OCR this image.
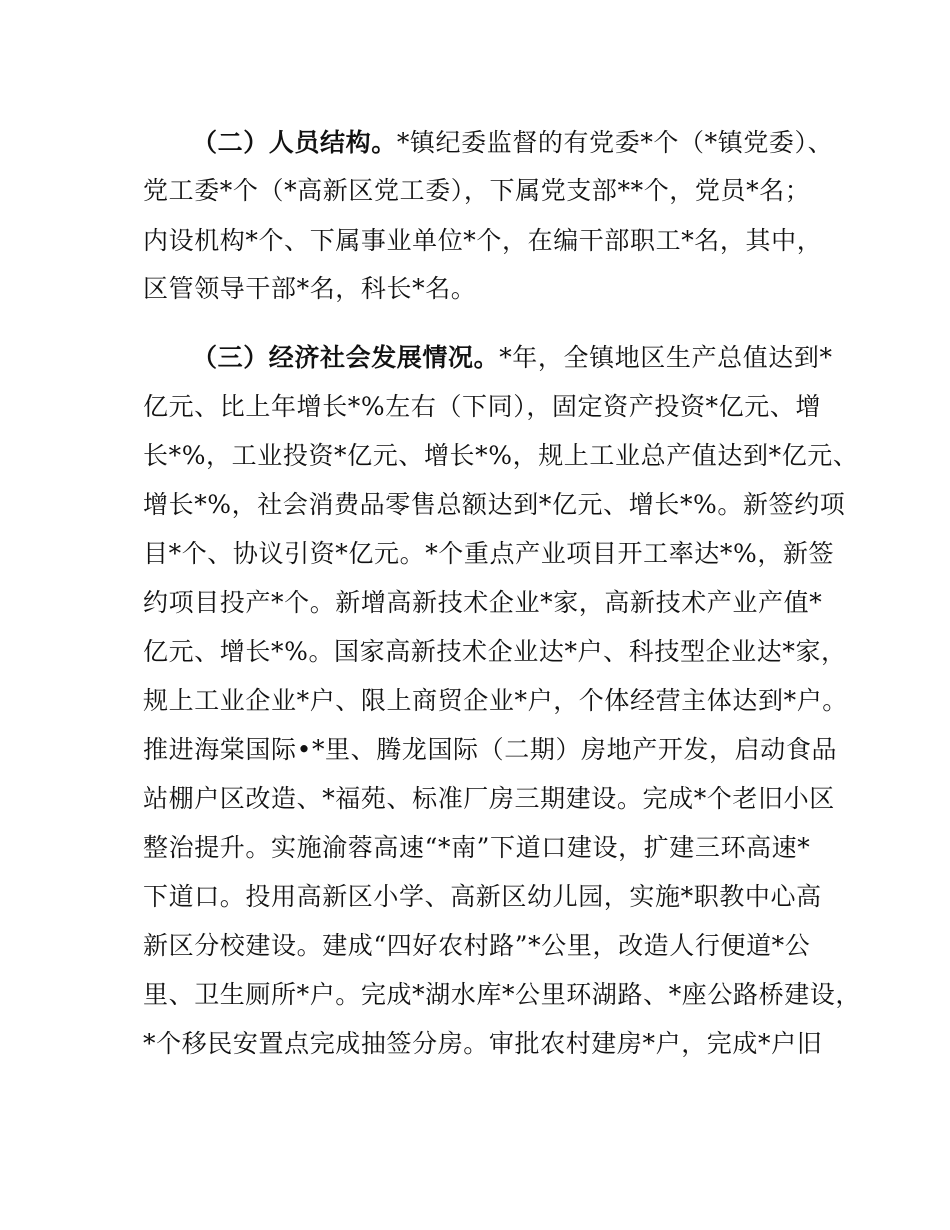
（二）人员结构。*镇纪委监督的有党委*个（*镇党委）、
党工委*个（*高新区党工委），下属党支部**个，党员*名；
内设机构*个、下属事业单位*个，在编干部职工*名，其中，
区管领导干部*名，科长*名。
（三）经济社会发展情况。*年，全镇地区生产总值达到*
亿元、比上年增长*%左右（下同），固定资产投资*亿元、增
长*%，工业投资*亿元、增长*%，规上工业总产值达到*亿元、
增长*%，社会消费品零售总额达到*亿元、增长*%。新签约项
目*个、协议引资*亿元。*个重点产业项目开工率达*%，新签
约项目投产*个。新增高新技术企业*家，高新技术产业产值*
亿元、增长*%。国家高新技术企业达*户、科技型企业达*家，
规上工业企业*户、限上商贸企业*户，个体经营主体达到*户。
推进海棠国际•*里、腾龙国际（二期）房地产开发，启动食品
站棚户区改造、*福苑、标准厂房三期建设。完成*个老旧小区
整治提升。实施渝蓉高速“*南”下道口建设，扩建三环高速*
下道口。投用高新区小学、高新区幼儿园，实施*职教中心高
新区分校建设。建成“四好农村路”*公里，改造人行便道*公
里、卫生厕所*户。完成*湖水库*公里环湖路、*座公路桥建设，
*个移民安置点完成抽签分房。审批农村建房*户，完成*户旧
